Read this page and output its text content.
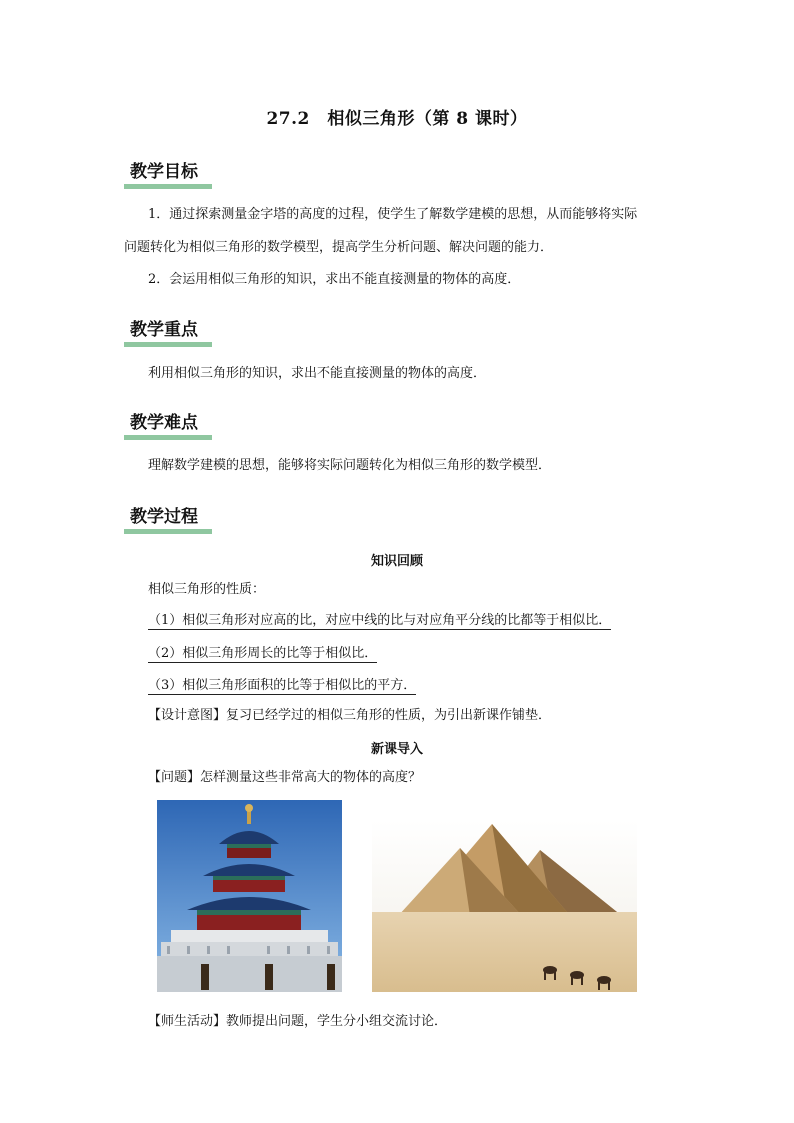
27.2　相似三角形（第 8 课时）
教学目标
1．通过探索测量金字塔的高度的过程，使学生了解数学建模的思想，从而能够将实际
问题转化为相似三角形的数学模型，提高学生分析问题、解决问题的能力．
2．会运用相似三角形的知识，求出不能直接测量的物体的高度．
教学重点
利用相似三角形的知识，求出不能直接测量的物体的高度．
教学难点
理解数学建模的思想，能够将实际问题转化为相似三角形的数学模型．
教学过程
知识回顾
相似三角形的性质：
（1）相似三角形对应高的比，对应中线的比与对应角平分线的比都等于相似比．
（2）相似三角形周长的比等于相似比．
（3）相似三角形面积的比等于相似比的平方．
【设计意图】复习已经学过的相似三角形的性质，为引出新课作铺垫．
新课导入
【问题】怎样测量这些非常高大的物体的高度？
【师生活动】教师提出问题，学生分小组交流讨论．
